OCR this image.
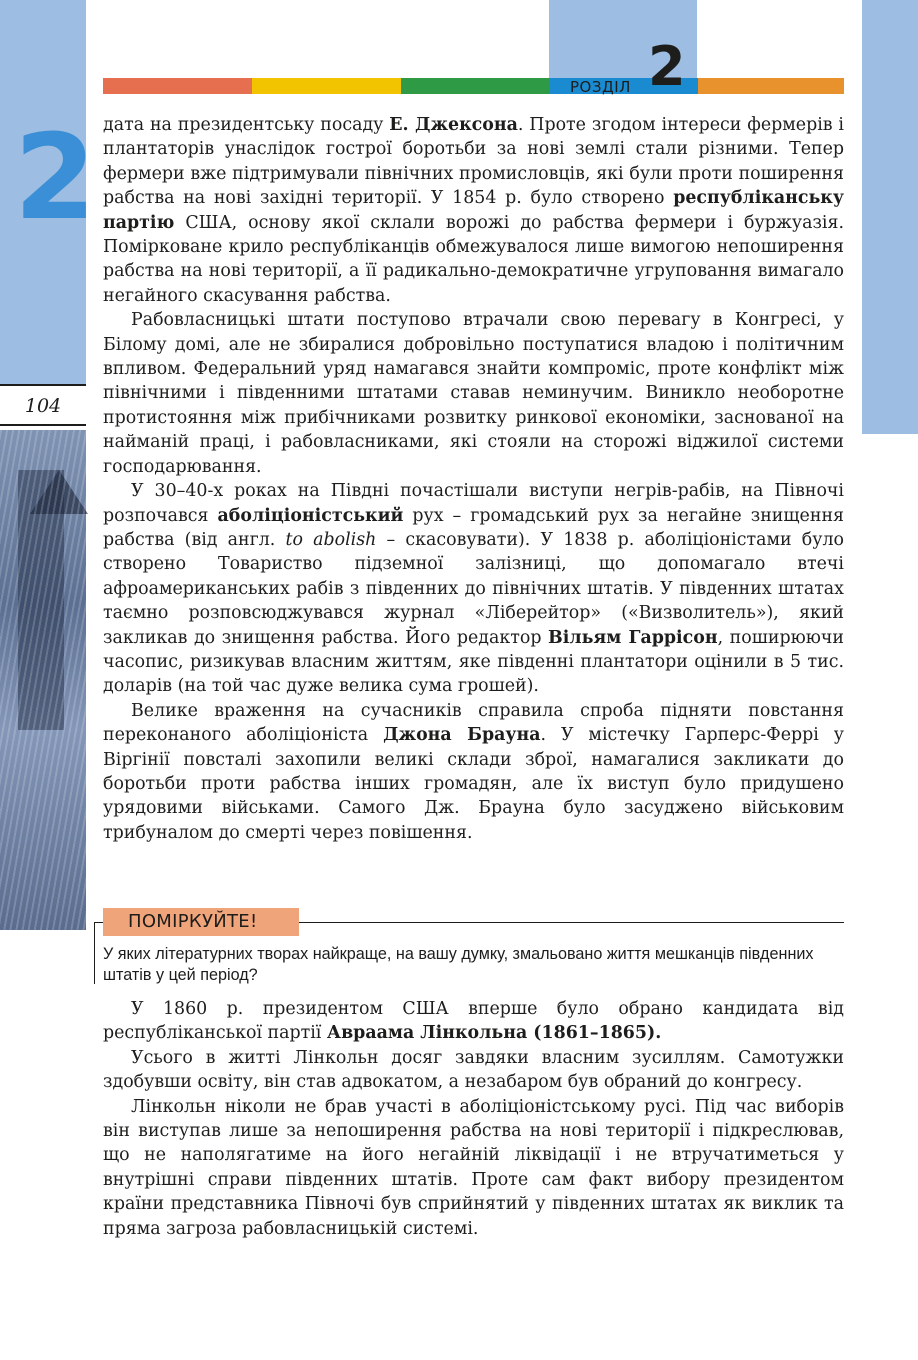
2
104
РОЗДІЛ 2

дата на президентську посаду Е. Джексона. Проте згодом інтереси фермерів і плантаторів унаслідок гострої боротьби за нові землі стали різними. Тепер фермери вже підтримували північних промисловців, які були проти поширення рабства на нові західні території. У 1854 р. було створено республіканську партію США, основу якої склали ворожі до рабства фермери і буржуазія. Помірковане крило республіканців обмежувалося лише вимогою непоширення рабства на нові території, а її радикально-демократичне угруповання вимагало негайного скасування рабства.

Рабовласницькі штати поступово втрачали свою перевагу в Конгресі, у Білому домі, але не збиралися добровільно поступатися владою і політичним впливом. Федеральний уряд намагався знайти компроміс, проте конфлікт між північними і південними штатами ставав неминучим. Виникло необоротне протистояння між прибічниками розвитку ринкової економіки, заснованої на найманій праці, і рабовласниками, які стояли на сторожі віджилої системи господарювання.

У 30–40-х роках на Півдні почастішали виступи негрів-рабів, на Півночі розпочався аболіціоністський рух – громадський рух за негайне знищення рабства (від англ. to abolish – скасовувати). У 1838 р. аболіціоністами було створено Товариство підземної залізниці, що допомагало втечі афроамериканських рабів з південних до північних штатів. У південних штатах таємно розповсюджувався журнал «Ліберейтор» («Визволитель»), який закликав до знищення рабства. Його редактор Вільям Гаррісон, поширюючи часопис, ризикував власним життям, яке південні плантатори оцінили в 5 тис. доларів (на той час дуже велика сума грошей).

Велике враження на сучасників справила спроба підняти повстання переконаного аболіціоніста Джона Брауна. У містечку Гарперс-Феррі у Віргінії повсталі захопили великі склади зброї, намагалися закликати до боротьби проти рабства інших громадян, але їх виступ було придушено урядовими військами. Самого Дж. Брауна було засуджено військовим трибуналом до смерті через повішення.

ПОМІРКУЙТЕ!
У яких літературних творах найкраще, на вашу думку, змальовано життя мешканців південних штатів у цей період?

У 1860 р. президентом США вперше було обрано кандидата від республіканської партії Авраама Лінкольна (1861–1865).

Усього в житті Лінкольн досяг завдяки власним зусиллям. Самотужки здобувши освіту, він став адвокатом, а незабаром був обраний до конгресу.

Лінкольн ніколи не брав участі в аболіціоністському русі. Під час виборів він виступав лише за непоширення рабства на нові території і підкреслював, що не наполягатиме на його негайній ліквідації і не втручатиметься у внутрішні справи південних штатів. Проте сам факт вибору президентом країни представника Півночі був сприйнятий у південних штатах як виклик та пряма загроза рабовласницькій системі.
